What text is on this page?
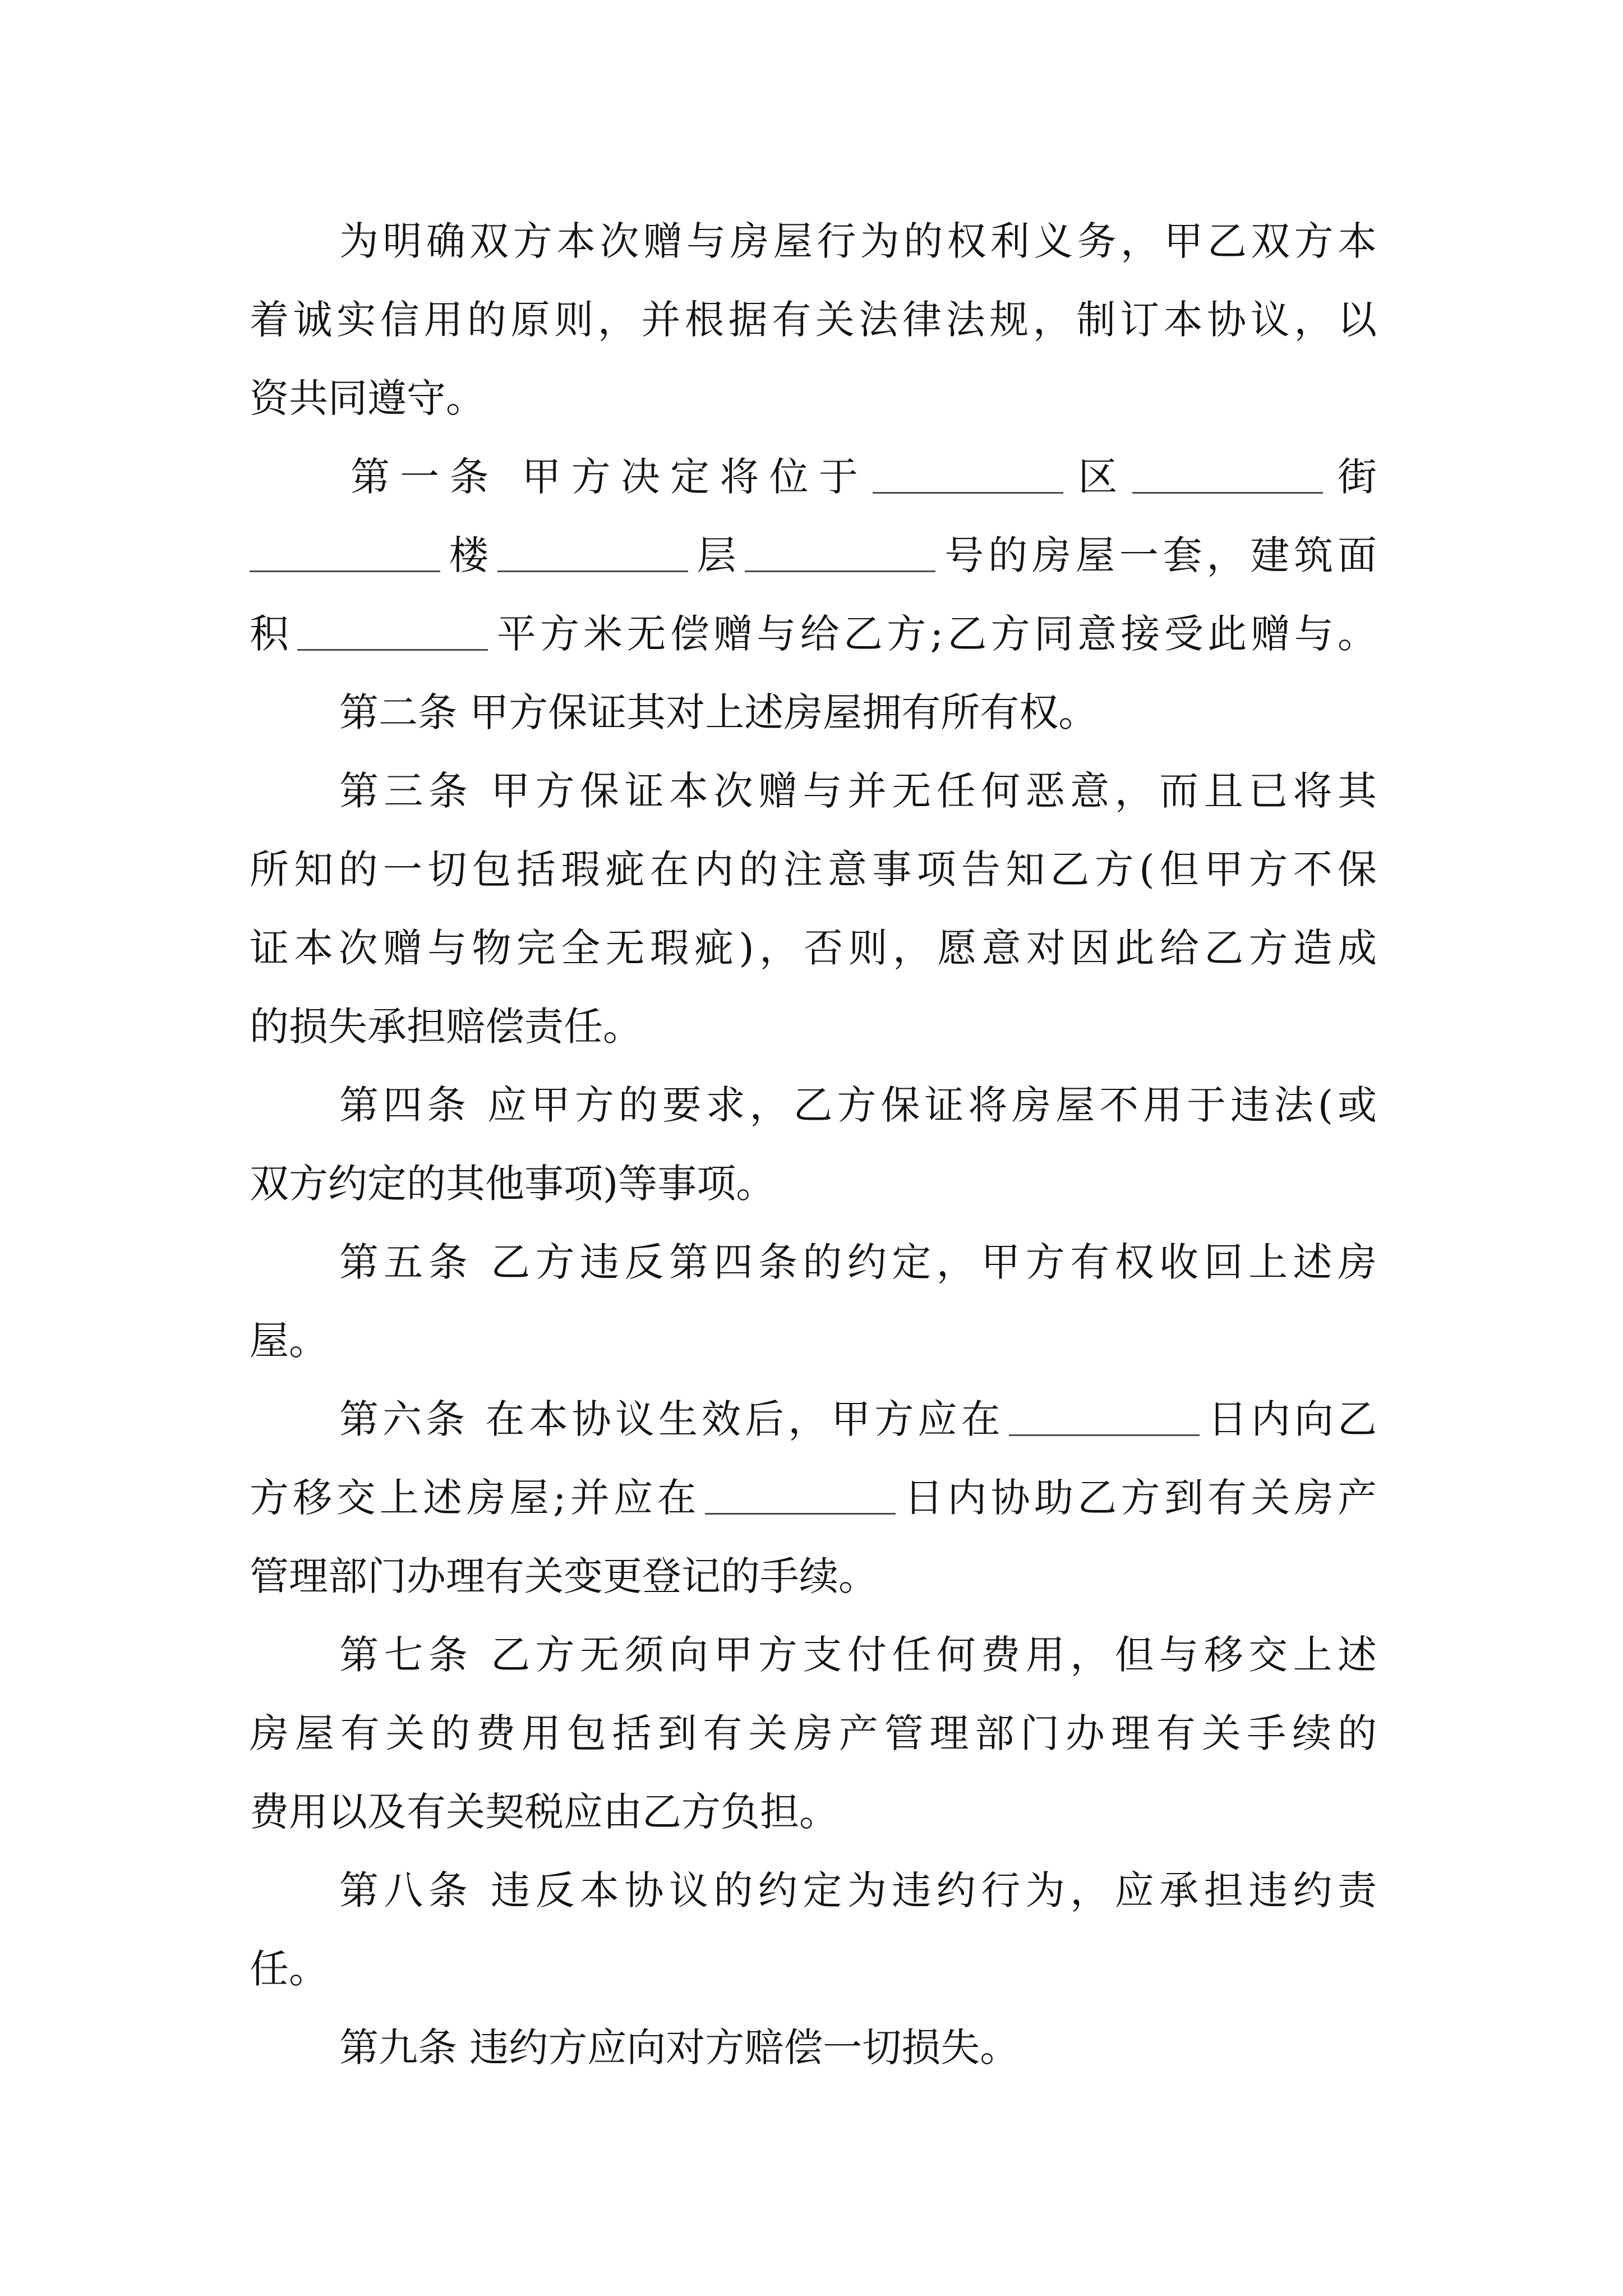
为明确双方本次赠与房屋行为的权利义务，甲乙双方本
着诚实信用的原则，并根据有关法律法规，制订本协议，以
资共同遵守。
第一条 甲方决定将位于	区	街
楼	层	号的房屋一套，建筑面
积	平方米无偿赠与给乙方;乙方同意接受此赠与。
第二条 甲方保证其对上述房屋拥有所有权。
第三条 甲方保证本次赠与并无任何恶意，而且已将其
所知的一切包括瑕疵在内的注意事项告知乙方(但甲方不保
证本次赠与物完全无瑕疵)，否则，愿意对因此给乙方造成
的损失承担赔偿责任。
第四条 应甲方的要求，乙方保证将房屋不用于违法(或
双方约定的其他事项)等事项。
第五条 乙方违反第四条的约定，甲方有权收回上述房
屋。
第六条 在本协议生效后，甲方应在	日内向乙
方移交上述房屋;并应在	日内协助乙方到有关房产
管理部门办理有关变更登记的手续。
第七条 乙方无须向甲方支付任何费用，但与移交上述
房屋有关的费用包括到有关房产管理部门办理有关手续的
费用以及有关契税应由乙方负担。
第八条 违反本协议的约定为违约行为，应承担违约责
任。
第九条 违约方应向对方赔偿一切损失。
